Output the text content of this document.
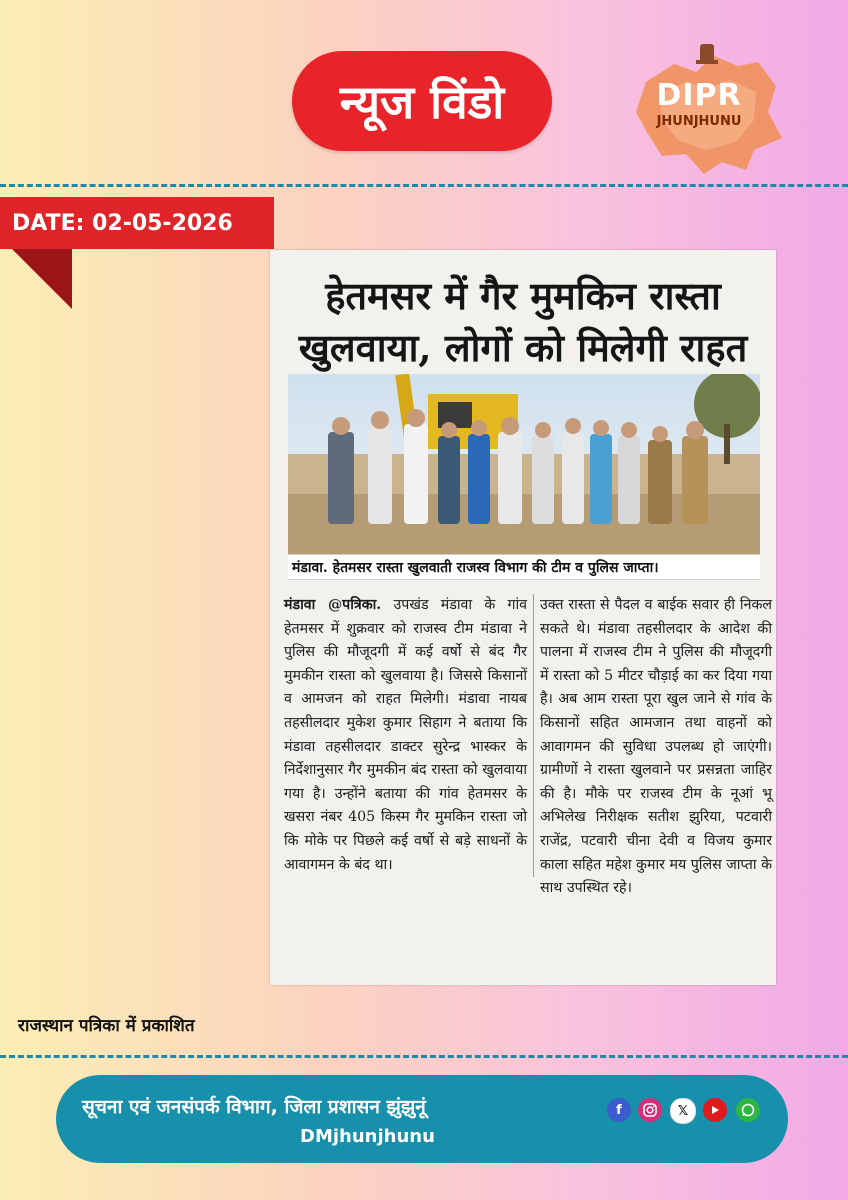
न्यूज विंडो	DIPR
JHUNJHUNU
DATE: 02-05-2026
हेतमसर में गैर मुमकिन रास्ता
खुलवाया, लोगों को मिलेगी राहत
मंडावा. हेतमसर रास्ता खुलवाती राजस्व विभाग की टीम व पुलिस जाप्ता।
मंडावा @पत्रिका. उपखंड मंडावा के गांव हेतमसर में शुक्रवार को राजस्व टीम मंडावा ने पुलिस की मौजूदगी में कई वर्षो से बंद गैर मुमकीन रास्ता को खुलवाया है। जिससे किसानों व आमजन को राहत मिलेगी। मंडावा नायब तहसीलदार मुकेश कुमार सिहाग ने बताया कि मंडावा तहसीलदार डाक्टर सुरेन्द्र भास्कर के निर्देशानुसार गैर मुमकीन बंद रास्ता को खुलवाया गया है। उन्होंने बताया की गांव हेतमसर के खसरा नंबर 405 किस्म गैर मुमकिन रास्ता जो कि मोके पर पिछले कई वर्षो से बड़े साधनों के आवागमन के बंद था।
उक्त रास्ता से पैदल व बाईक सवार ही निकल सकते थे। मंडावा तहसीलदार के आदेश की पालना में राजस्व टीम ने पुलिस की मौजूदगी में रास्ता को 5 मीटर चौड़ाई का कर दिया गया है। अब आम रास्ता पूरा खुल जाने से गांव के किसानों सहित आमजान तथा वाहनों को आवागमन की सुविधा उपलब्ध हो जाएंगी। ग्रामीणों ने रास्ता खुलवाने पर प्रसन्नता जाहिर की है। मौके पर राजस्व टीम के नूआं भू अभिलेख निरीक्षक सतीश झुरिया, पटवारी राजेंद्र, पटवारी चीना देवी व विजय कुमार काला सहित महेश कुमार मय पुलिस जाप्ता के साथ उपस्थित रहे।
राजस्थान पत्रिका में प्रकाशित
सूचना एवं जनसंपर्क विभाग, जिला प्रशासन झुंझुनूं
DMjhunjhunu
f	𝕏
